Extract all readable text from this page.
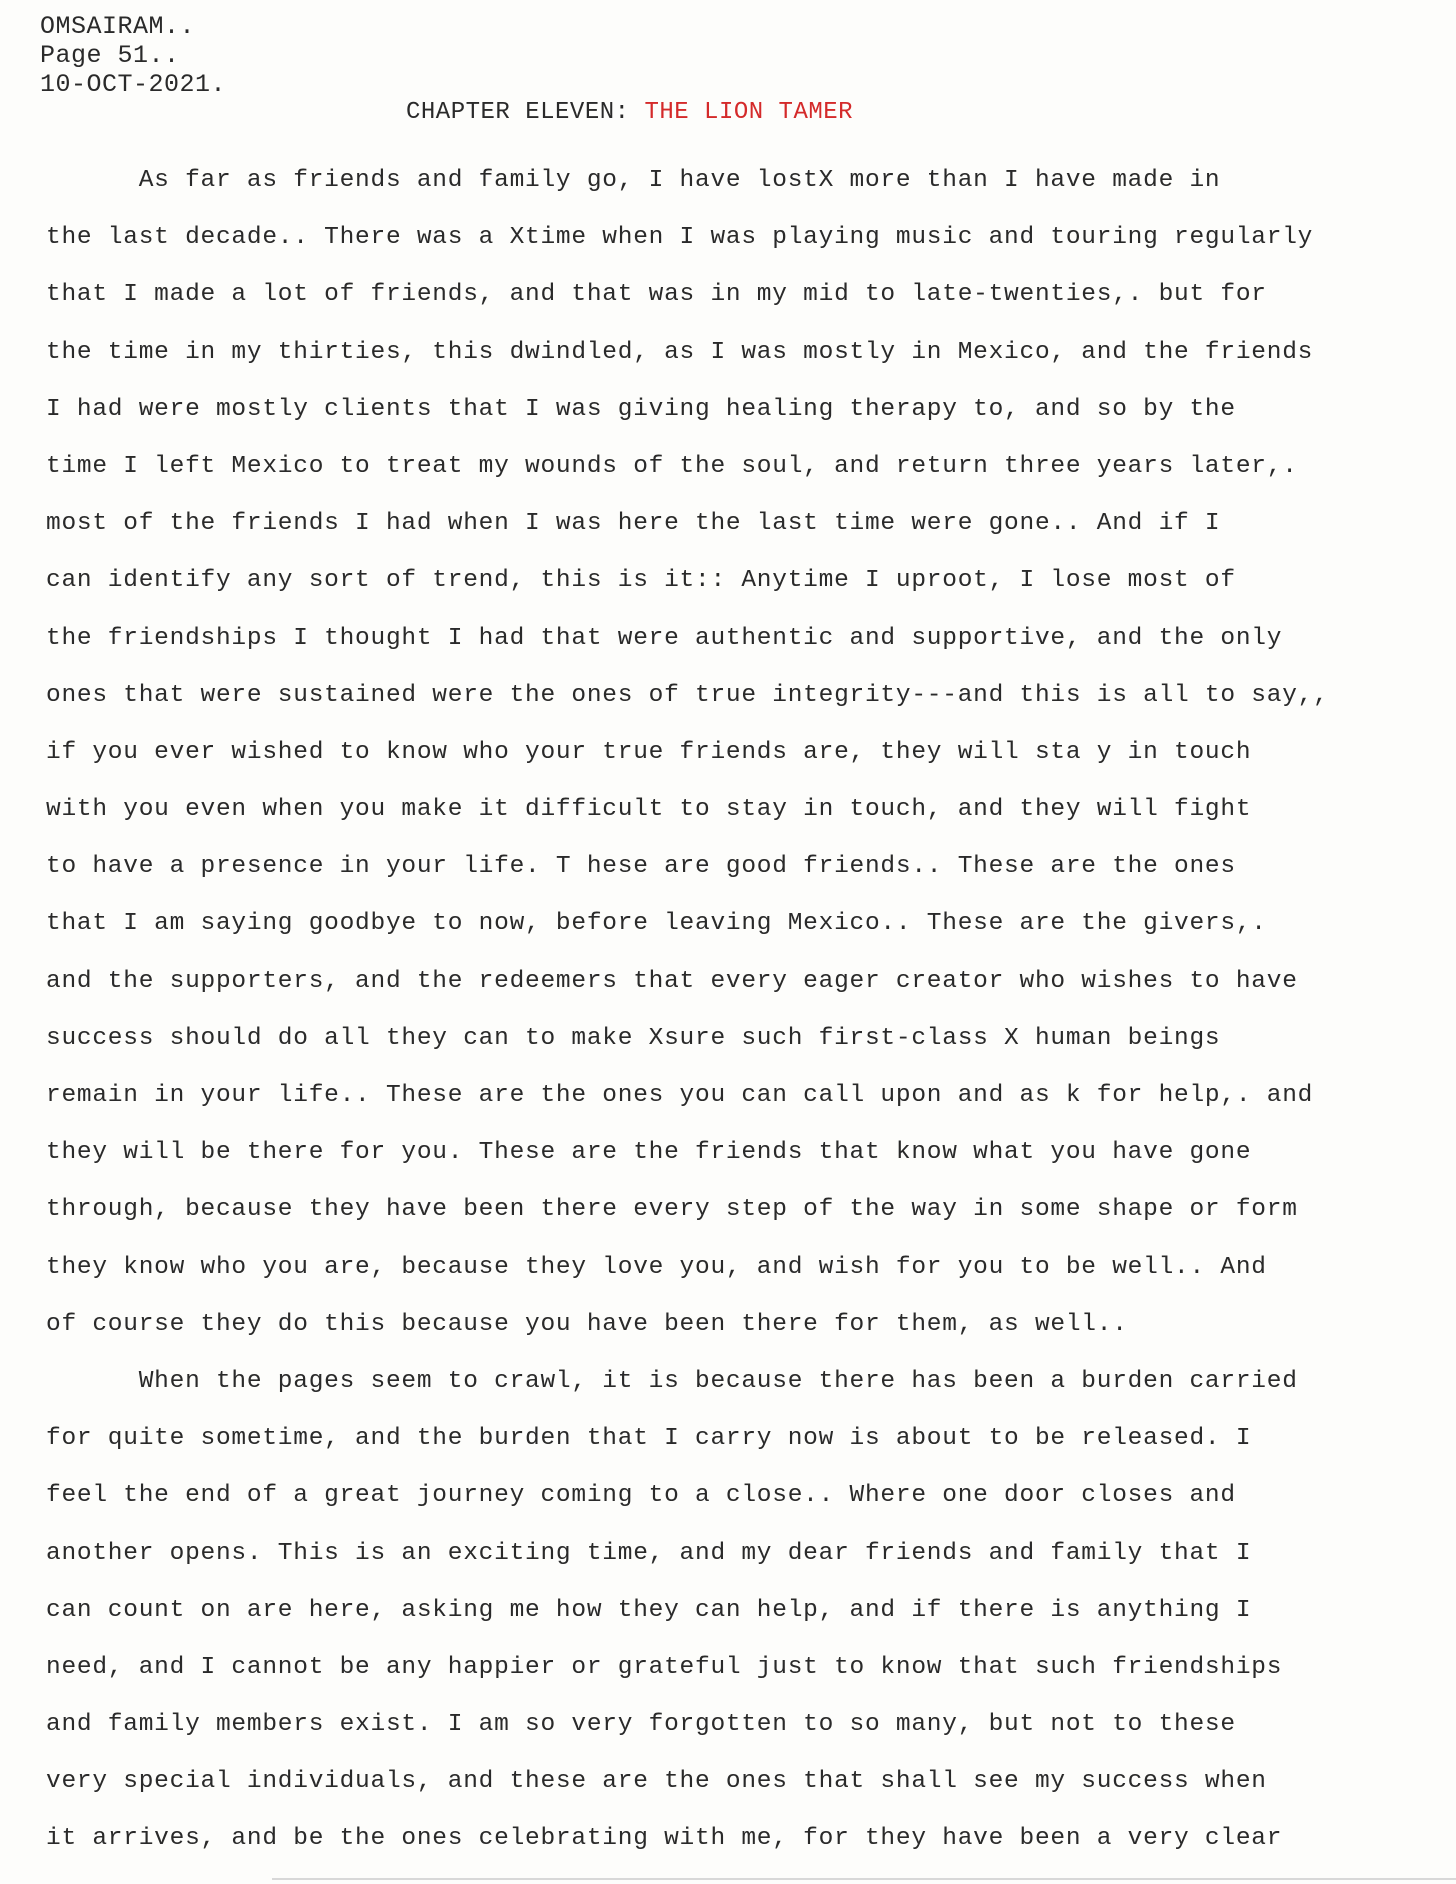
OMSAIRAM..
Page 51..
10-OCT-2021.
CHAPTER ELEVEN: THE LION TAMER
As far as friends and family go, I have lostX more than I have made in
the last decade.. There was a Xtime when I was playing music and touring regularly
that I made a lot of friends, and that was in my mid to late-twenties,. but for
the time in my thirties, this dwindled, as I was mostly in Mexico, and the friends
I had were mostly clients that I was giving healing therapy to, and so by the
time I left Mexico to treat my wounds of the soul, and return three years later,.
most of the friends I had when I was here the last time were gone.. And if I
can identify any sort of trend, this is it:: Anytime I uproot, I lose most of
the friendships I thought I had that were authentic and supportive, and the only
ones that were sustained were the ones of true integrity---and this is all to say,,
if you ever wished to know who your true friends are, they will sta y in touch
with you even when you make it difficult to stay in touch, and they will fight
to have a presence in your life. T hese are good friends.. These are the ones
that I am saying goodbye to now, before leaving Mexico.. These are the givers,.
and the supporters, and the redeemers that every eager creator who wishes to have
success should do all they can to make Xsure such first-class X human beings
remain in your life.. These are the ones you can call upon and as k for help,. and
they will be there for you. These are the friends that know what you have gone
through, because they have been there every step of the way in some shape or form
they know who you are, because they love you, and wish for you to be well.. And
of course they do this because you have been there for them, as well..
When the pages seem to crawl, it is because there has been a burden carried
for quite sometime, and the burden that I carry now is about to be released. I
feel the end of a great journey coming to a close.. Where one door closes and
another opens. This is an exciting time, and my dear friends and family that I
can count on are here, asking me how they can help, and if there is anything I
need, and I cannot be any happier or grateful just to know that such friendships
and family members exist. I am so very forgotten to so many, but not to these
very special individuals, and these are the ones that shall see my success when
it arrives, and be the ones celebrating with me, for they have been a very clear
